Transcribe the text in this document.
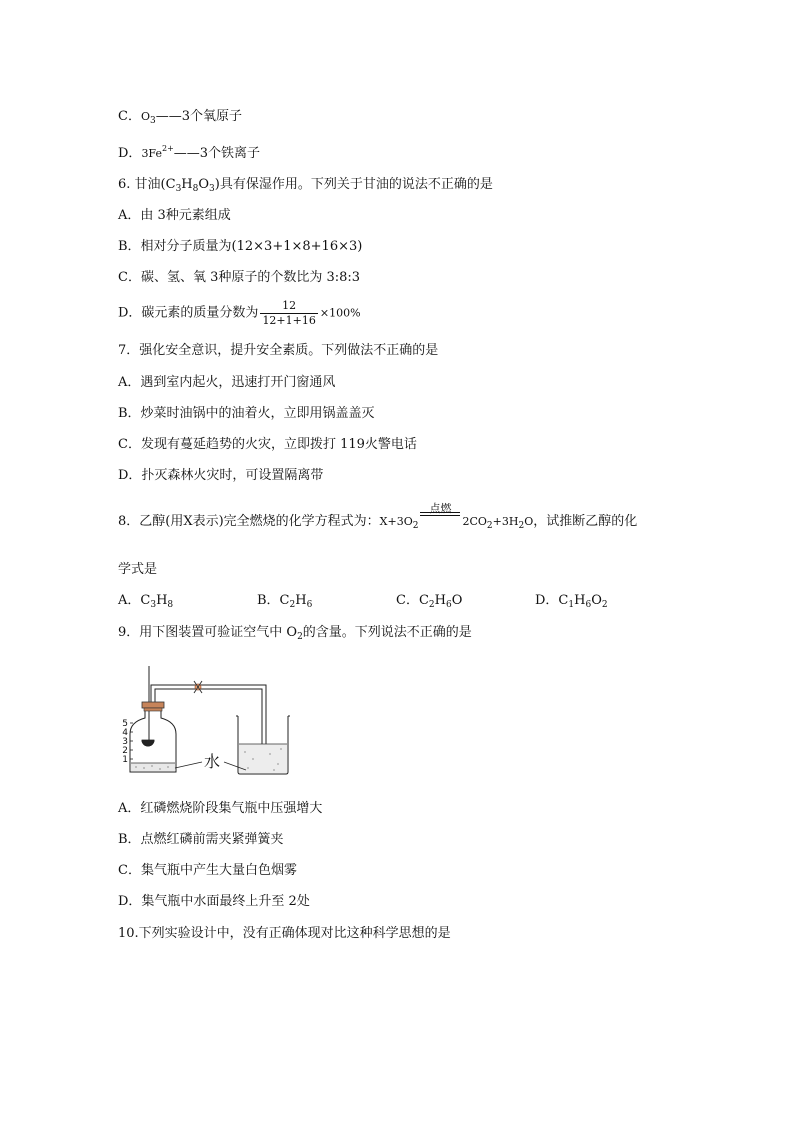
C．$O_3——3$个氧原子
D．$3Fe^{2+}——3$个铁离子
6. 甘油$(C_3H_8O_3)$具有保湿作用。下列关于甘油的说法不正确的是
A．由 3种元素组成
B．相对分子质量为(12×3+1×8+16×3)
C．碳、氢、氧 3种原子的个数比为 3:8:3
D．碳元素的质量分数为 $\frac{12}{12+1+16} \times 100\%$
7．强化安全意识，提升安全素质。下列做法不正确的是
A．遇到室内起火，迅速打开门窗通风
B．炒菜时油锅中的油着火，立即用锅盖盖灭
C．发现有蔓延趋势的火灾，立即拨打 119火警电话
D．扑灭森林火灾时，可设置隔离带
8．乙醇(用X表示)完全燃烧的化学方程式为：$X+3O_2$
点燃
$2CO_2+3H_2O$，试推断乙醇的化
学式是
A．$C_3H_8$	B．$C_2H_6$	C．$C_2H_6O$	D．$C_1H_6O_2$
9．用下图装置可验证空气中 $O_2$的含量。下列说法不正确的是
5
4
3
2
1	水
A．红磷燃烧阶段集气瓶中压强增大
B．点燃红磷前需夹紧弹簧夹
C．集气瓶中产生大量白色烟雾
D．集气瓶中水面最终上升至 2处
10.下列实验设计中，没有正确体现对比这种科学思想的是
